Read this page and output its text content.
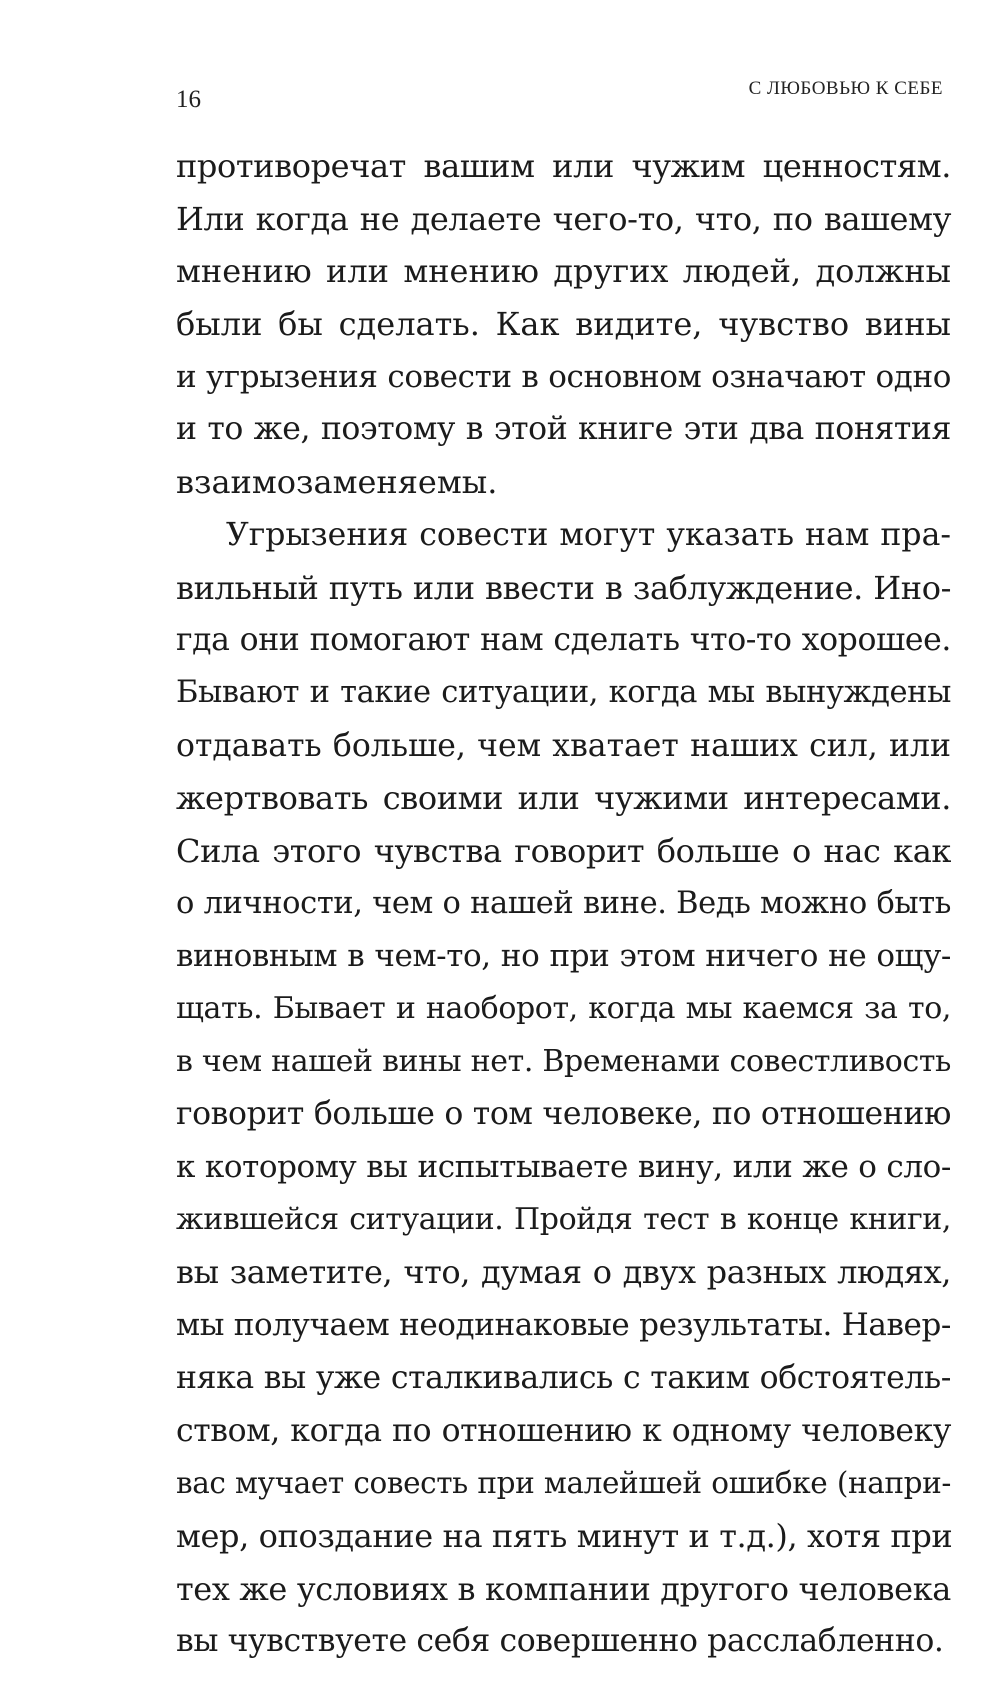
16	С ЛЮБОВЬЮ К СЕБЕ
противоречат вашим или чужим ценностям.
Или когда не делаете чего-то, что, по вашему
мнению или мнению других людей, должны
были бы сделать. Как видите, чувство вины
и угрызения совести в основном означают одно
и то же, поэтому в этой книге эти два понятия
взаимозаменяемы.
Угрызения совести могут указать нам пра-
вильный путь или ввести в заблуждение. Ино-
гда они помогают нам сделать что-то хорошее.
Бывают и такие ситуации, когда мы вынуждены
отдавать больше, чем хватает наших сил, или
жертвовать своими или чужими интересами.
Сила этого чувства говорит больше о нас как
о личности, чем о нашей вине. Ведь можно быть
виновным в чем-то, но при этом ничего не ощу-
щать. Бывает и наоборот, когда мы каемся за то,
в чем нашей вины нет. Временами совестливость
говорит больше о том человеке, по отношению
к которому вы испытываете вину, или же о сло-
жившейся ситуации. Пройдя тест в конце книги,
вы заметите, что, думая о двух разных людях,
мы получаем неодинаковые результаты. Навер-
няка вы уже сталкивались с таким обстоятель-
ством, когда по отношению к одному человеку
вас мучает совесть при малейшей ошибке (напри-
мер, опоздание на пять минут и т.д.), хотя при
тех же условиях в компании другого человека
вы чувствуете себя совершенно расслабленно.
